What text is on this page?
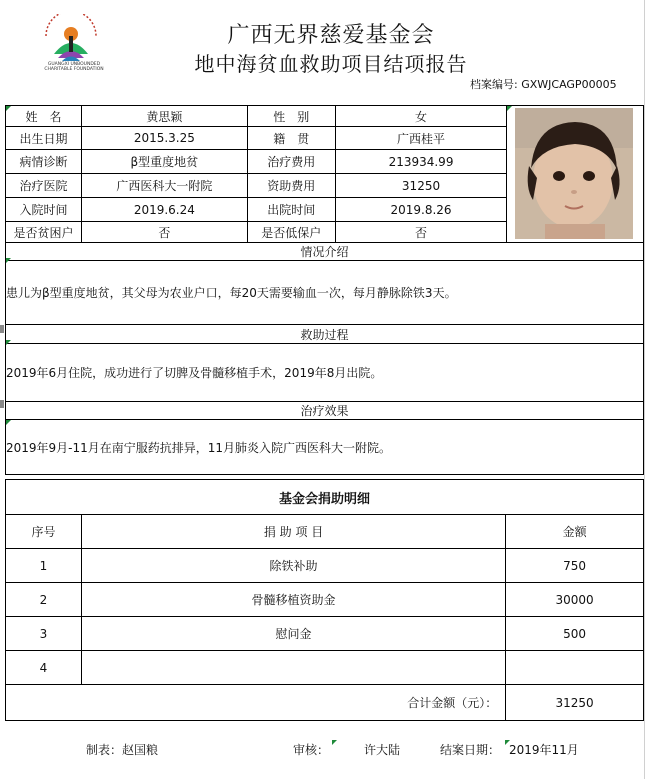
GUANGXI UNBOUNDED CHARITABLE FOUNDATION
广西无界慈爱基金会
地中海贫血救助项目结项报告
档案编号: GXWJCAGP00005
姓　名	黄思颖	性　别	女	
出生日期	2015.3.25	籍　贯	广西桂平	
病情诊断	β型重度地贫	治疗费用	213934.99	
治疗医院	广西医科大一附院	资助费用	31250	
入院时间	2019.6.24	出院时间	2019.8.26	
是否贫困户	否	是否低保户	否	
情况介绍				
患儿为β型重度地贫，其父母为农业户口，每20天需要输血一次，每月静脉除铁3天。				
救助过程				
2019年6月住院，成功进行了切脾及骨髓移植手术，2019年8月出院。				
治疗效果				
2019年9月-11月在南宁服药抗排异，11月肺炎入院广西医科大一附院。				
基金会捐助明细		
序号	捐 助 项 目	金额
1	除铁补助	750
2	骨髓移植资助金	30000
3	慰问金	500
4		
	合计金额（元）：	31250
制表：赵国粮	审核：	许大陆	结案日期： 2019年11月
